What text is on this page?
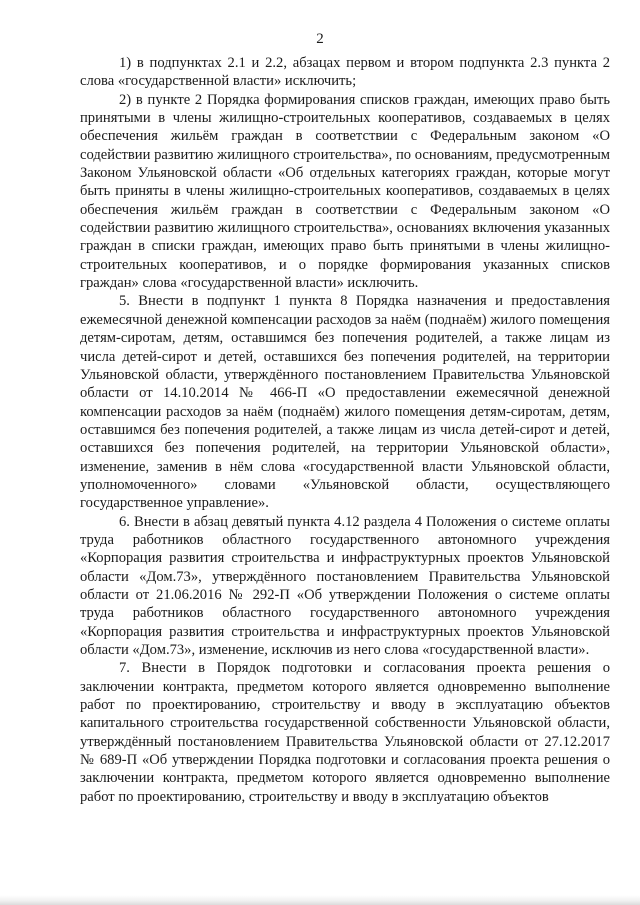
2

1) в подпунктах 2.1 и 2.2, абзацах первом и втором подпункта 2.3 пункта 2 слова «государственной власти» исключить;

2) в пункте 2 Порядка формирования списков граждан, имеющих право быть принятыми в члены жилищно-строительных кооперативов, создаваемых в целях обеспечения жильём граждан в соответствии с Федеральным законом «О содействии развитию жилищного строительства», по основаниям, предусмотренным Законом Ульяновской области «Об отдельных категориях граждан, которые могут быть приняты в члены жилищно-строительных кооперативов, создаваемых в целях обеспечения жильём граждан в соответствии с Федеральным законом «О содействии развитию жилищного строительства», основаниях включения указанных граждан в списки граждан, имеющих право быть принятыми в члены жилищно-строительных кооперативов, и о порядке формирования указанных списков граждан» слова «государственной власти» исключить.

5. Внести в подпункт 1 пункта 8 Порядка назначения и предоставления ежемесячной денежной компенсации расходов за наём (поднаём) жилого помещения детям-сиротам, детям, оставшимся без попечения родителей, а также лицам из числа детей-сирот и детей, оставшихся без попечения родителей, на территории Ульяновской области, утверждённого постановлением Правительства Ульяновской области от 14.10.2014 № 466-П «О предоставлении ежемесячной денежной компенсации расходов за наём (поднаём) жилого помещения детям-сиротам, детям, оставшимся без попечения родителей, а также лицам из числа детей-сирот и детей, оставшихся без попечения родителей, на территории Ульяновской области», изменение, заменив в нём слова «государственной власти Ульяновской области, уполномоченного» словами «Ульяновской области, осуществляющего государственное управление».

6. Внести в абзац девятый пункта 4.12 раздела 4 Положения о системе оплаты труда работников областного государственного автономного учреждения «Корпорация развития строительства и инфраструктурных проектов Ульяновской области «Дом.73», утверждённого постановлением Правительства Ульяновской области от 21.06.2016 № 292-П «Об утверждении Положения о системе оплаты труда работников областного государственного автономного учреждения «Корпорация развития строительства и инфраструктурных проектов Ульяновской области «Дом.73», изменение, исключив из него слова «государственной власти».

7. Внести в Порядок подготовки и согласования проекта решения о заключении контракта, предметом которого является одновременно выполнение работ по проектированию, строительству и вводу в эксплуатацию объектов капитального строительства государственной собственности Ульяновской области, утверждённый постановлением Правительства Ульяновской области от 27.12.2017 № 689-П «Об утверждении Порядка подготовки и согласования проекта решения о заключении контракта, предметом которого является одновременно выполнение работ по проектированию, строительству и вводу в эксплуатацию объектов
